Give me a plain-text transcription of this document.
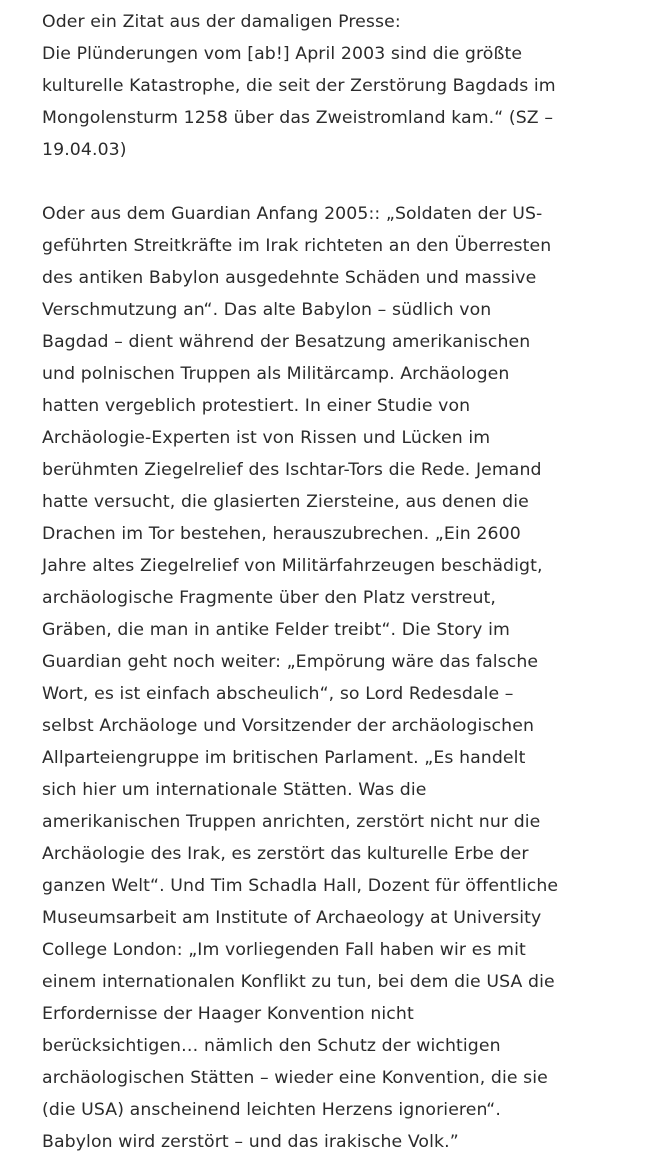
Oder ein Zitat aus der damaligen Presse:
Die Plünderungen vom [ab!] April 2003 sind die größte
kulturelle Katastrophe, die seit der Zerstörung Bagdads im
Mongolensturm 1258 über das Zweistromland kam.“ (SZ –
19.04.03)

Oder aus dem Guardian Anfang 2005:: „Soldaten der US-
geführten Streitkräfte im Irak richteten an den Überresten
des antiken Babylon ausgedehnte Schäden und massive
Verschmutzung an“. Das alte Babylon – südlich von
Bagdad – dient während der Besatzung amerikanischen
und polnischen Truppen als Militärcamp. Archäologen
hatten vergeblich protestiert. In einer Studie von
Archäologie-Experten ist von Rissen und Lücken im
berühmten Ziegelrelief des Ischtar-Tors die Rede. Jemand
hatte versucht, die glasierten Ziersteine, aus denen die
Drachen im Tor bestehen, herauszubrechen. „Ein 2600
Jahre altes Ziegelrelief von Militärfahrzeugen beschädigt,
archäologische Fragmente über den Platz verstreut,
Gräben, die man in antike Felder treibt“. Die Story im
Guardian geht noch weiter: „Empörung wäre das falsche
Wort, es ist einfach abscheulich“, so Lord Redesdale –
selbst Archäologe und Vorsitzender der archäologischen
Allparteiengruppe im britischen Parlament. „Es handelt
sich hier um internationale Stätten. Was die
amerikanischen Truppen anrichten, zerstört nicht nur die
Archäologie des Irak, es zerstört das kulturelle Erbe der
ganzen Welt“. Und Tim Schadla Hall, Dozent für öffentliche
Museumsarbeit am Institute of Archaeology at University
College London: „Im vorliegenden Fall haben wir es mit
einem internationalen Konflikt zu tun, bei dem die USA die
Erfordernisse der Haager Konvention nicht
berücksichtigen… nämlich den Schutz der wichtigen
archäologischen Stätten – wieder eine Konvention, die sie
(die USA) anscheinend leichten Herzens ignorieren“.
Babylon wird zerstört – und das irakische Volk.”
